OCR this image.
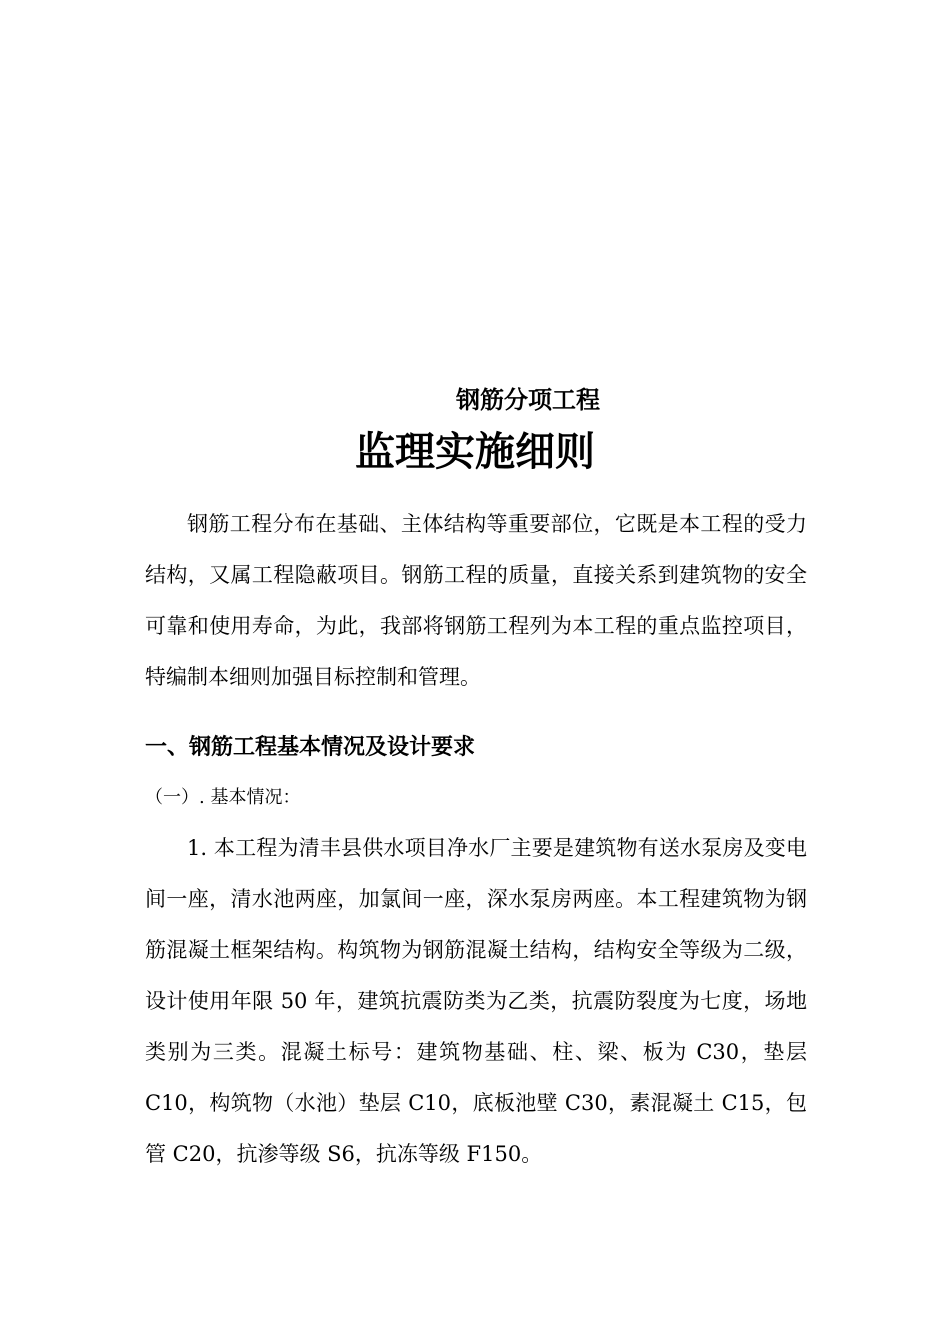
钢筋分项工程
监理实施细则

钢筋工程分布在基础、主体结构等重要部位，它既是本工程的受力结构，又属工程隐蔽项目。钢筋工程的质量，直接关系到建筑物的安全可靠和使用寿命，为此，我部将钢筋工程列为本工程的重点监控项目，特编制本细则加强目标控制和管理。

一、钢筋工程基本情况及设计要求
（一）. 基本情况：

1. 本工程为清丰县供水项目净水厂主要是建筑物有送水泵房及变电间一座，清水池两座，加氯间一座，深水泵房两座。本工程建筑物为钢筋混凝土框架结构。构筑物为钢筋混凝土结构，结构安全等级为二级，设计使用年限 50 年，建筑抗震防类为乙类，抗震防裂度为七度，场地类别为三类。混凝土标号：建筑物基础、柱、梁、板为 C30，垫层 C10，构筑物（水池）垫层 C10，底板池壁 C30，素混凝土 C15，包管 C20，抗渗等级 S6，抗冻等级 F150。
